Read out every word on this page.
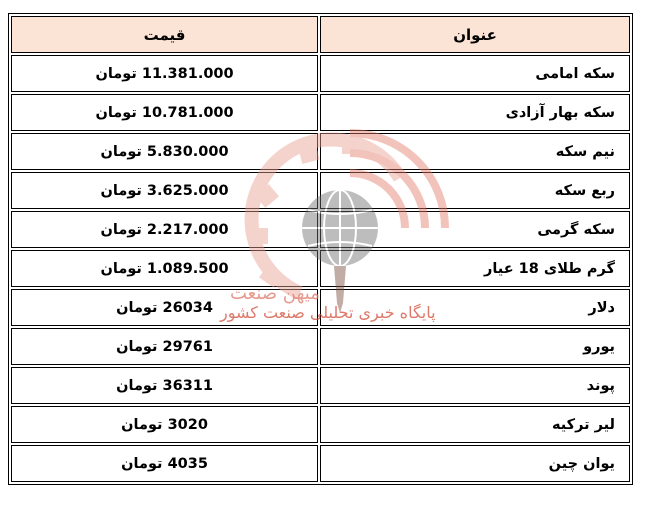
قیمت	عنوان
11.381.000 تومان	سکه امامی
10.781.000 تومان	سکه بهار آزادی
5.830.000 تومان	نیم سکه
3.625.000 تومان	ربع سکه
2.217.000 تومان	سکه گرمی
1.089.500 تومان	گرم طلای 18 عیار
26034 تومان	دلار
29761 تومان	یورو
36311 تومان	پوند
3020 تومان	لیر ترکیه
4035 تومان	یوان چین
میهن صنعت
پایگاه خبری تحلیلی صنعت کشور
